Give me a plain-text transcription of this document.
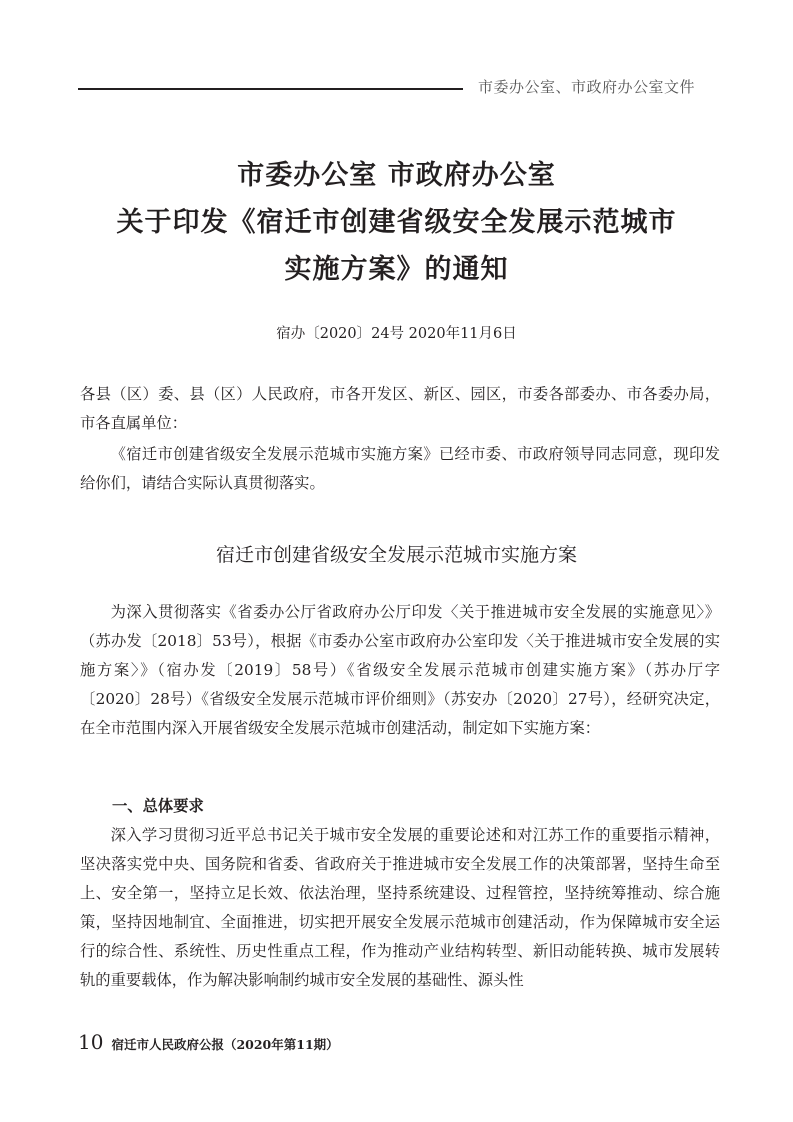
市委办公室、市政府办公室文件
市委办公室 市政府办公室
关于印发《宿迁市创建省级安全发展示范城市
实施方案》的通知
宿办〔2020〕24号 2020年11月6日
各县（区）委、县（区）人民政府，市各开发区、新区、园区，市委各部委办、市各委办局，市各直属单位：
《宿迁市创建省级安全发展示范城市实施方案》已经市委、市政府领导同志同意，现印发给你们，请结合实际认真贯彻落实。
宿迁市创建省级安全发展示范城市实施方案
为深入贯彻落实《省委办公厅省政府办公厅印发〈关于推进城市安全发展的实施意见〉》（苏办发〔2018〕53号），根据《市委办公室市政府办公室印发〈关于推进城市安全发展的实施方案〉》（宿办发〔2019〕58号）《省级安全发展示范城市创建实施方案》（苏办厅字〔2020〕28号）《省级安全发展示范城市评价细则》（苏安办〔2020〕27号），经研究决定，在全市范围内深入开展省级安全发展示范城市创建活动，制定如下实施方案：
一、总体要求
深入学习贯彻习近平总书记关于城市安全发展的重要论述和对江苏工作的重要指示精神，坚决落实党中央、国务院和省委、省政府关于推进城市安全发展工作的决策部署，坚持生命至上、安全第一，坚持立足长效、依法治理，坚持系统建设、过程管控，坚持统筹推动、综合施策，坚持因地制宜、全面推进，切实把开展安全发展示范城市创建活动，作为保障城市安全运行的综合性、系统性、历史性重点工程，作为推动产业结构转型、新旧动能转换、城市发展转轨的重要载体，作为解决影响制约城市安全发展的基础性、源头性
10 宿迁市人民政府公报（2020年第11期）
